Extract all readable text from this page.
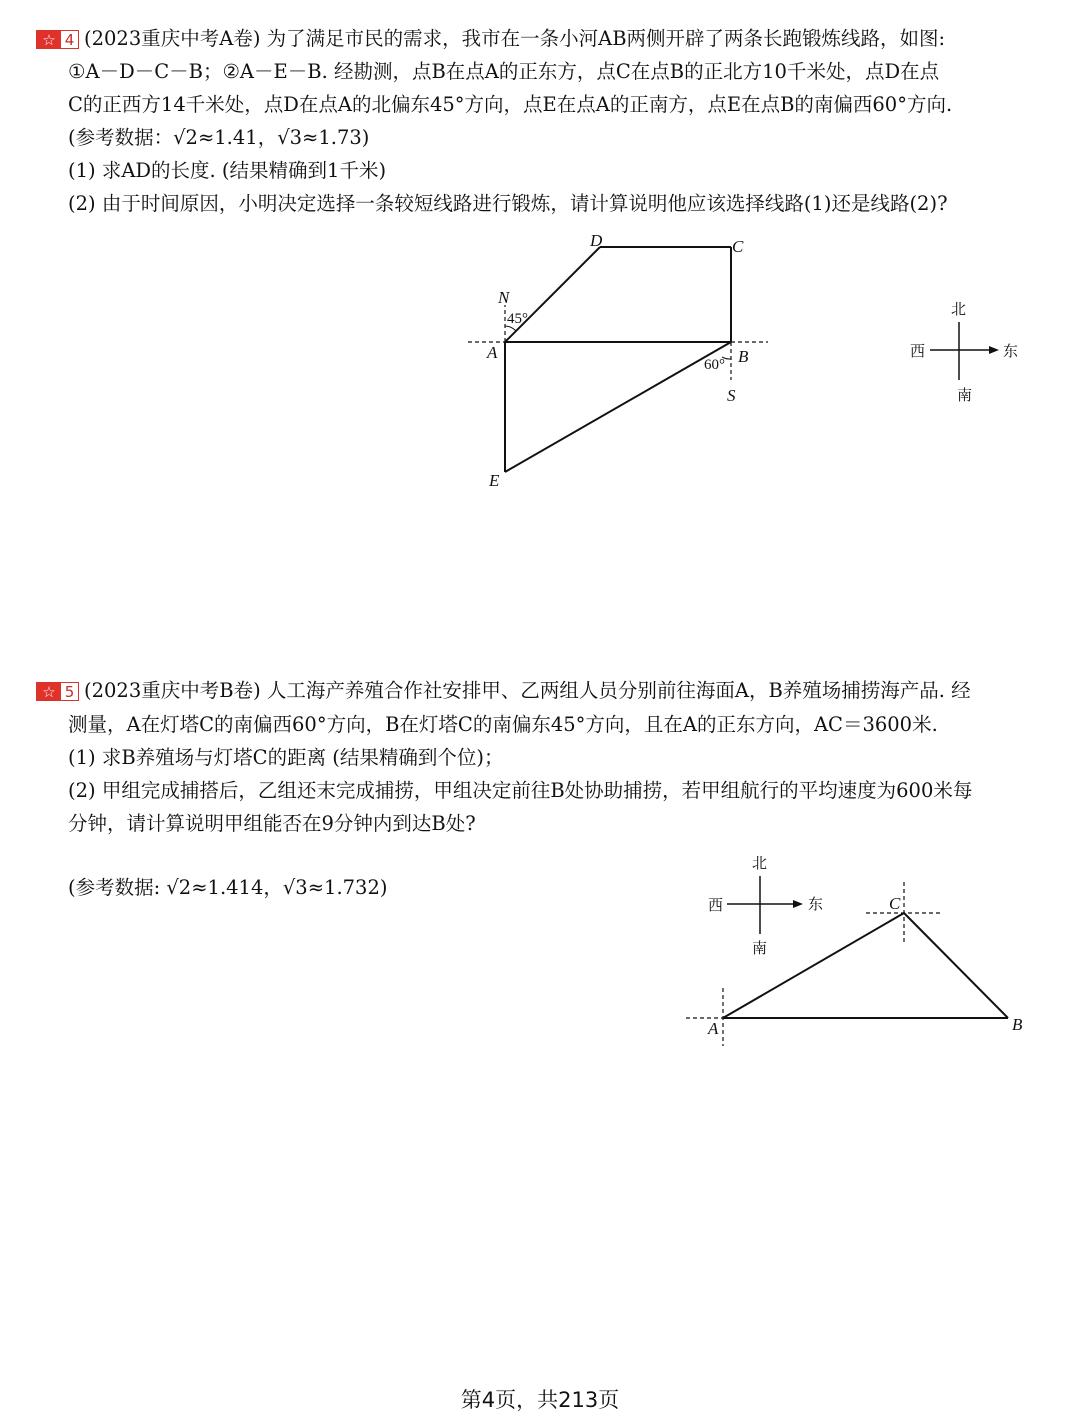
☆ 4 (2023重庆中考A卷) 为了满足市民的需求，我市在一条小河AB两侧开辟了两条长跑锻炼线路，如图:
①A－D－C－B；②A－E－B. 经勘测，点B在点A的正东方，点C在点B的正北方10千米处，点D在点
C的正西方14千米处，点D在点A的北偏东45°方向，点E在点A的正南方，点E在点B的南偏西60°方向.
(参考数据：√2≈1.41，√3≈1.73)
(1) 求AD的长度. (结果精确到1千米)
(2) 由于时间原因，小明决定选择一条较短线路进行锻炼，请计算说明他应该选择线路(1)还是线路(2)?
D	C
N
45°
A
60° B
S
E
北
南
东
西
☆ 5 (2023重庆中考B卷) 人工海产养殖合作社安排甲、乙两组人员分别前往海面A，B养殖场捕捞海产品. 经
测量，A在灯塔C的南偏西60°方向，B在灯塔C的南偏东45°方向，且在A的正东方向，AC＝3600米.
(1) 求B养殖场与灯塔C的距离 (结果精确到个位)；
(2) 甲组完成捕搭后，乙组还末完成捕捞，甲组决定前往B处协助捕捞，若甲组航行的平均速度为600米每
分钟，请计算说明甲组能否在9分钟内到达B处?
(参考数据: √2≈1.414，√3≈1.732)
北
南
东
西
A	B
C
第4页，共213页
